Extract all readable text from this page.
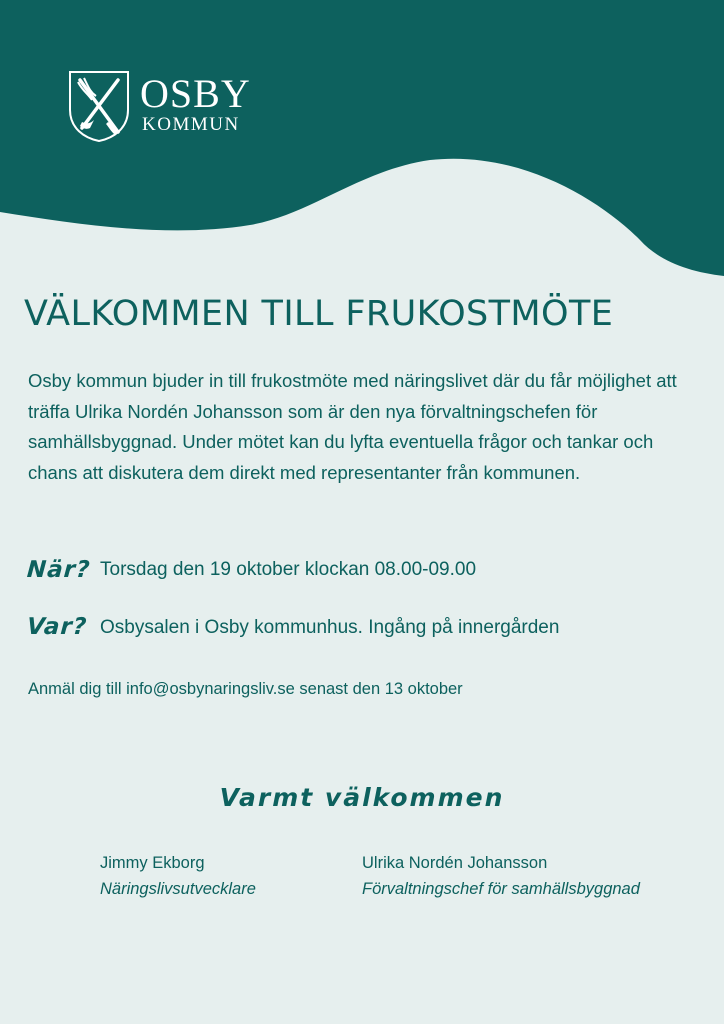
OSBY
KOMMUN
VÄLKOMMEN TILL FRUKOSTMÖTE

Osby kommun bjuder in till frukostmöte med näringslivet där du får möjlighet att träffa Ulrika Nordén Johansson som är den nya förvaltningschefen för samhällsbyggnad. Under mötet kan du lyfta eventuella frågor och tankar och chans att diskutera dem direkt med representanter från kommunen.

När? Torsdag den 19 oktober klockan 08.00-09.00
Var? Osbysalen i Osby kommunhus. Ingång på innergården
Anmäl dig till info@osbynaringsliv.se senast den 13 oktober
Varmt välkommen
Jimmy Ekborg
Näringslivsutvecklare
Ulrika Nordén Johansson
Förvaltningschef för samhällsbyggnad
